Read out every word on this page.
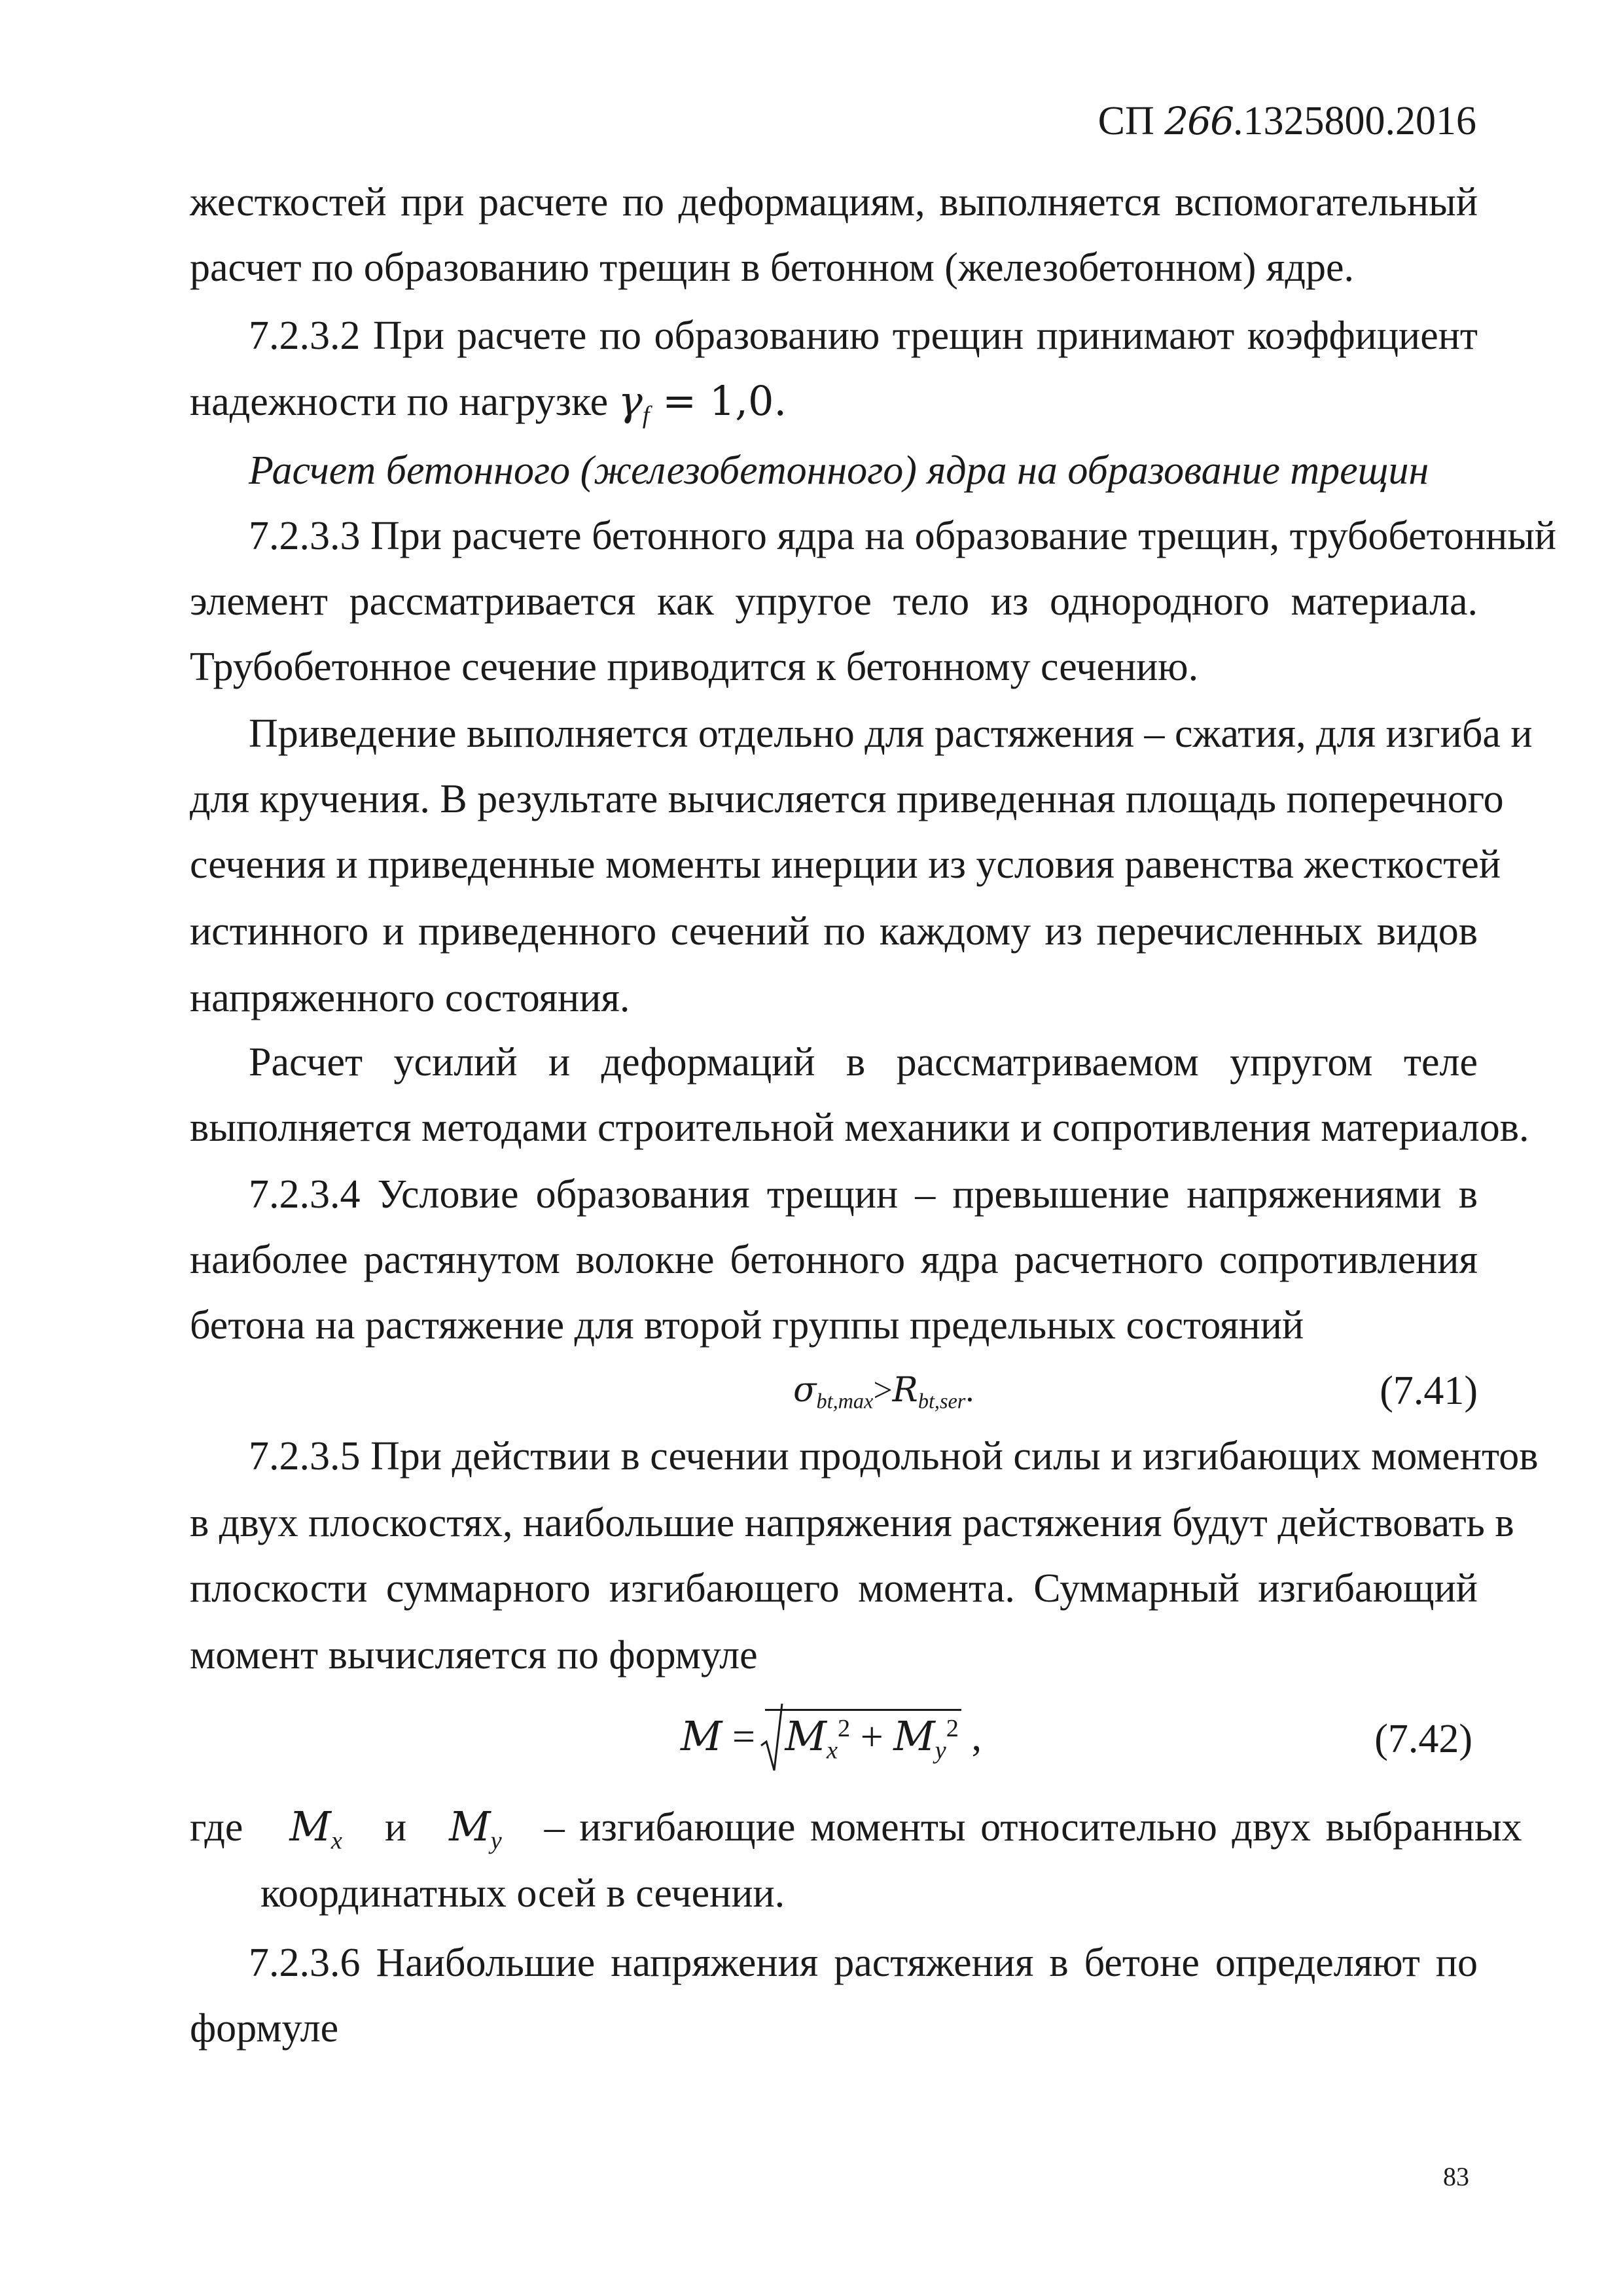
СП 266.1325800.2016
жесткостей при расчете по деформациям, выполняется вспомогательный
расчет по образованию трещин в бетонном (железобетонном) ядре.
7.2.3.2 При расчете по образованию трещин принимают коэффициент
надежности по нагрузке $\gamma_f = 1,0$.
Расчет бетонного (железобетонного) ядра на образование трещин
7.2.3.3 При расчете бетонного ядра на образование трещин, трубобетонный
элемент рассматривается как упругое тело из однородного материала.
Трубобетонное сечение приводится к бетонному сечению.
Приведение выполняется отдельно для растяжения – сжатия, для изгиба и
для кручения. В результате вычисляется приведенная площадь поперечного
сечения и приведенные моменты инерции из условия равенства жесткостей
истинного и приведенного сечений по каждому из перечисленных видов
напряженного состояния.
Расчет усилий и деформаций в рассматриваемом упругом теле
выполняется методами строительной механики и сопротивления материалов.
7.2.3.4 Условие образования трещин – превышение напряжениями в
наиболее растянутом волокне бетонного ядра расчетного сопротивления
бетона на растяжение для второй группы предельных состояний
$\sigma_{bt,max}>R_{bt,ser}$.	(7.41)
7.2.3.5 При действии в сечении продольной силы и изгибающих моментов
в двух плоскостях, наибольшие напряжения растяжения будут действовать в
плоскости суммарного изгибающего момента. Суммарный изгибающий
момент вычисляется по формуле
M =
$M_x^2 + M_y^2$ ,	(7.42)
где $M_x$ и $M_y$ – изгибающие моменты относительно двух выбранных
координатных осей в сечении.
7.2.3.6 Наибольшие напряжения растяжения в бетоне определяют по
формуле
83
